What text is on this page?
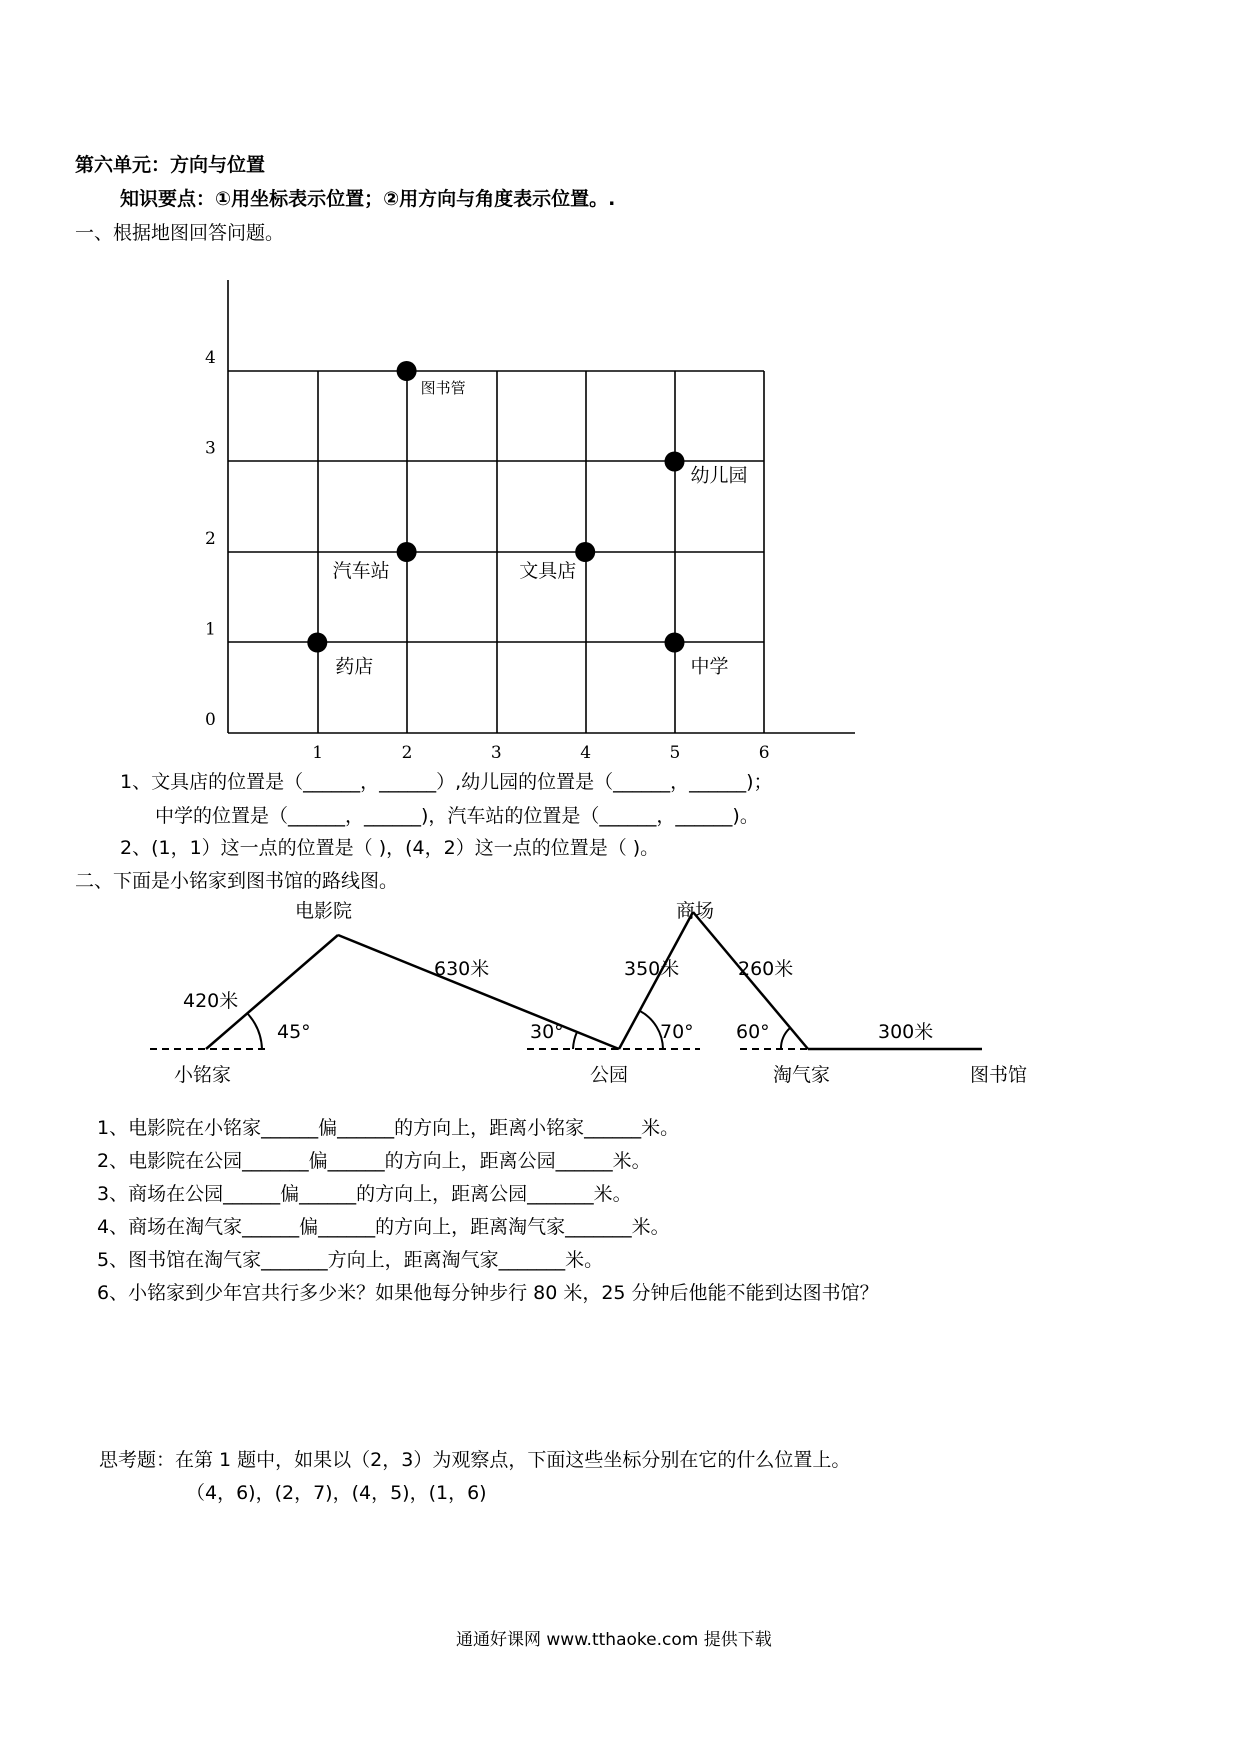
第六单元：方向与位置
知识要点：①用坐标表示位置；②用方向与角度表示位置。.
一、根据地图回答问题。
1	2	3	4	5	6
0
1
2
3
4
图书管
幼儿园
汽车站	文具店
药店	中学
1、文具店的位置是（______，______）,幼儿园的位置是（______，______)；
中学的位置是（______，______)，汽车站的位置是（______，______)。
2、(1，1）这一点的位置是（ )，(4，2）这一点的位置是（ )。
二、下面是小铭家到图书馆的路线图。
电影院	商场
小铭家	公园	淘气家	图书馆
420米
630米	350米	260米
300米
45°	30°	70° 60°
1、电影院在小铭家______偏______的方向上，距离小铭家______米。
2、电影院在公园_______偏______的方向上，距离公园______米。
3、商场在公园______偏______的方向上，距离公园_______米。
4、商场在淘气家______偏______的方向上，距离淘气家_______米。
5、图书馆在淘气家_______方向上，距离淘气家_______米。
6、小铭家到少年宫共行多少米？如果他每分钟步行 80 米，25 分钟后他能不能到达图书馆？
思考题：在第 1 题中，如果以（2，3）为观察点，下面这些坐标分别在它的什么位置上。
（4，6)，(2，7)，(4，5)，(1，6)
通通好课网 www.tthaoke.com 提供下载
